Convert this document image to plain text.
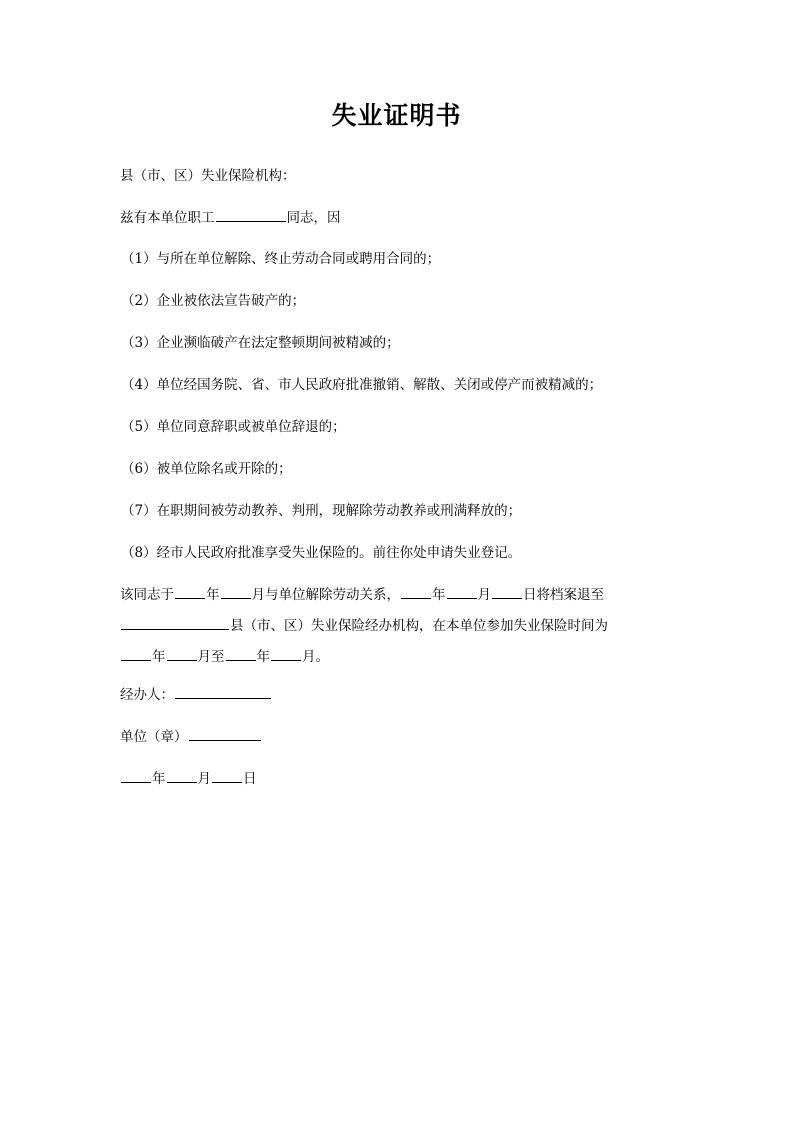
失业证明书
县（市、区）失业保险机构：
兹有本单位职工	同志，因
（1）与所在单位解除、终止劳动合同或聘用合同的；
（2）企业被依法宣告破产的；
（3）企业濒临破产在法定整顿期间被精减的；
（4）单位经国务院、省、市人民政府批准撤销、解散、关闭或停产而被精减的；
（5）单位同意辞职或被单位辞退的；
（6）被单位除名或开除的；
（7）在职期间被劳动教养、判刑，现解除劳动教养或刑满释放的；
（8）经市人民政府批准享受失业保险的。前往你处申请失业登记。
该同志于 年 月与单位解除劳动关系， 年 月 日将档案退至
县（市、区）失业保险经办机构，在本单位参加失业保险时间为
年 月至 年 月。
经办人：
单位（章）
年 月 日
